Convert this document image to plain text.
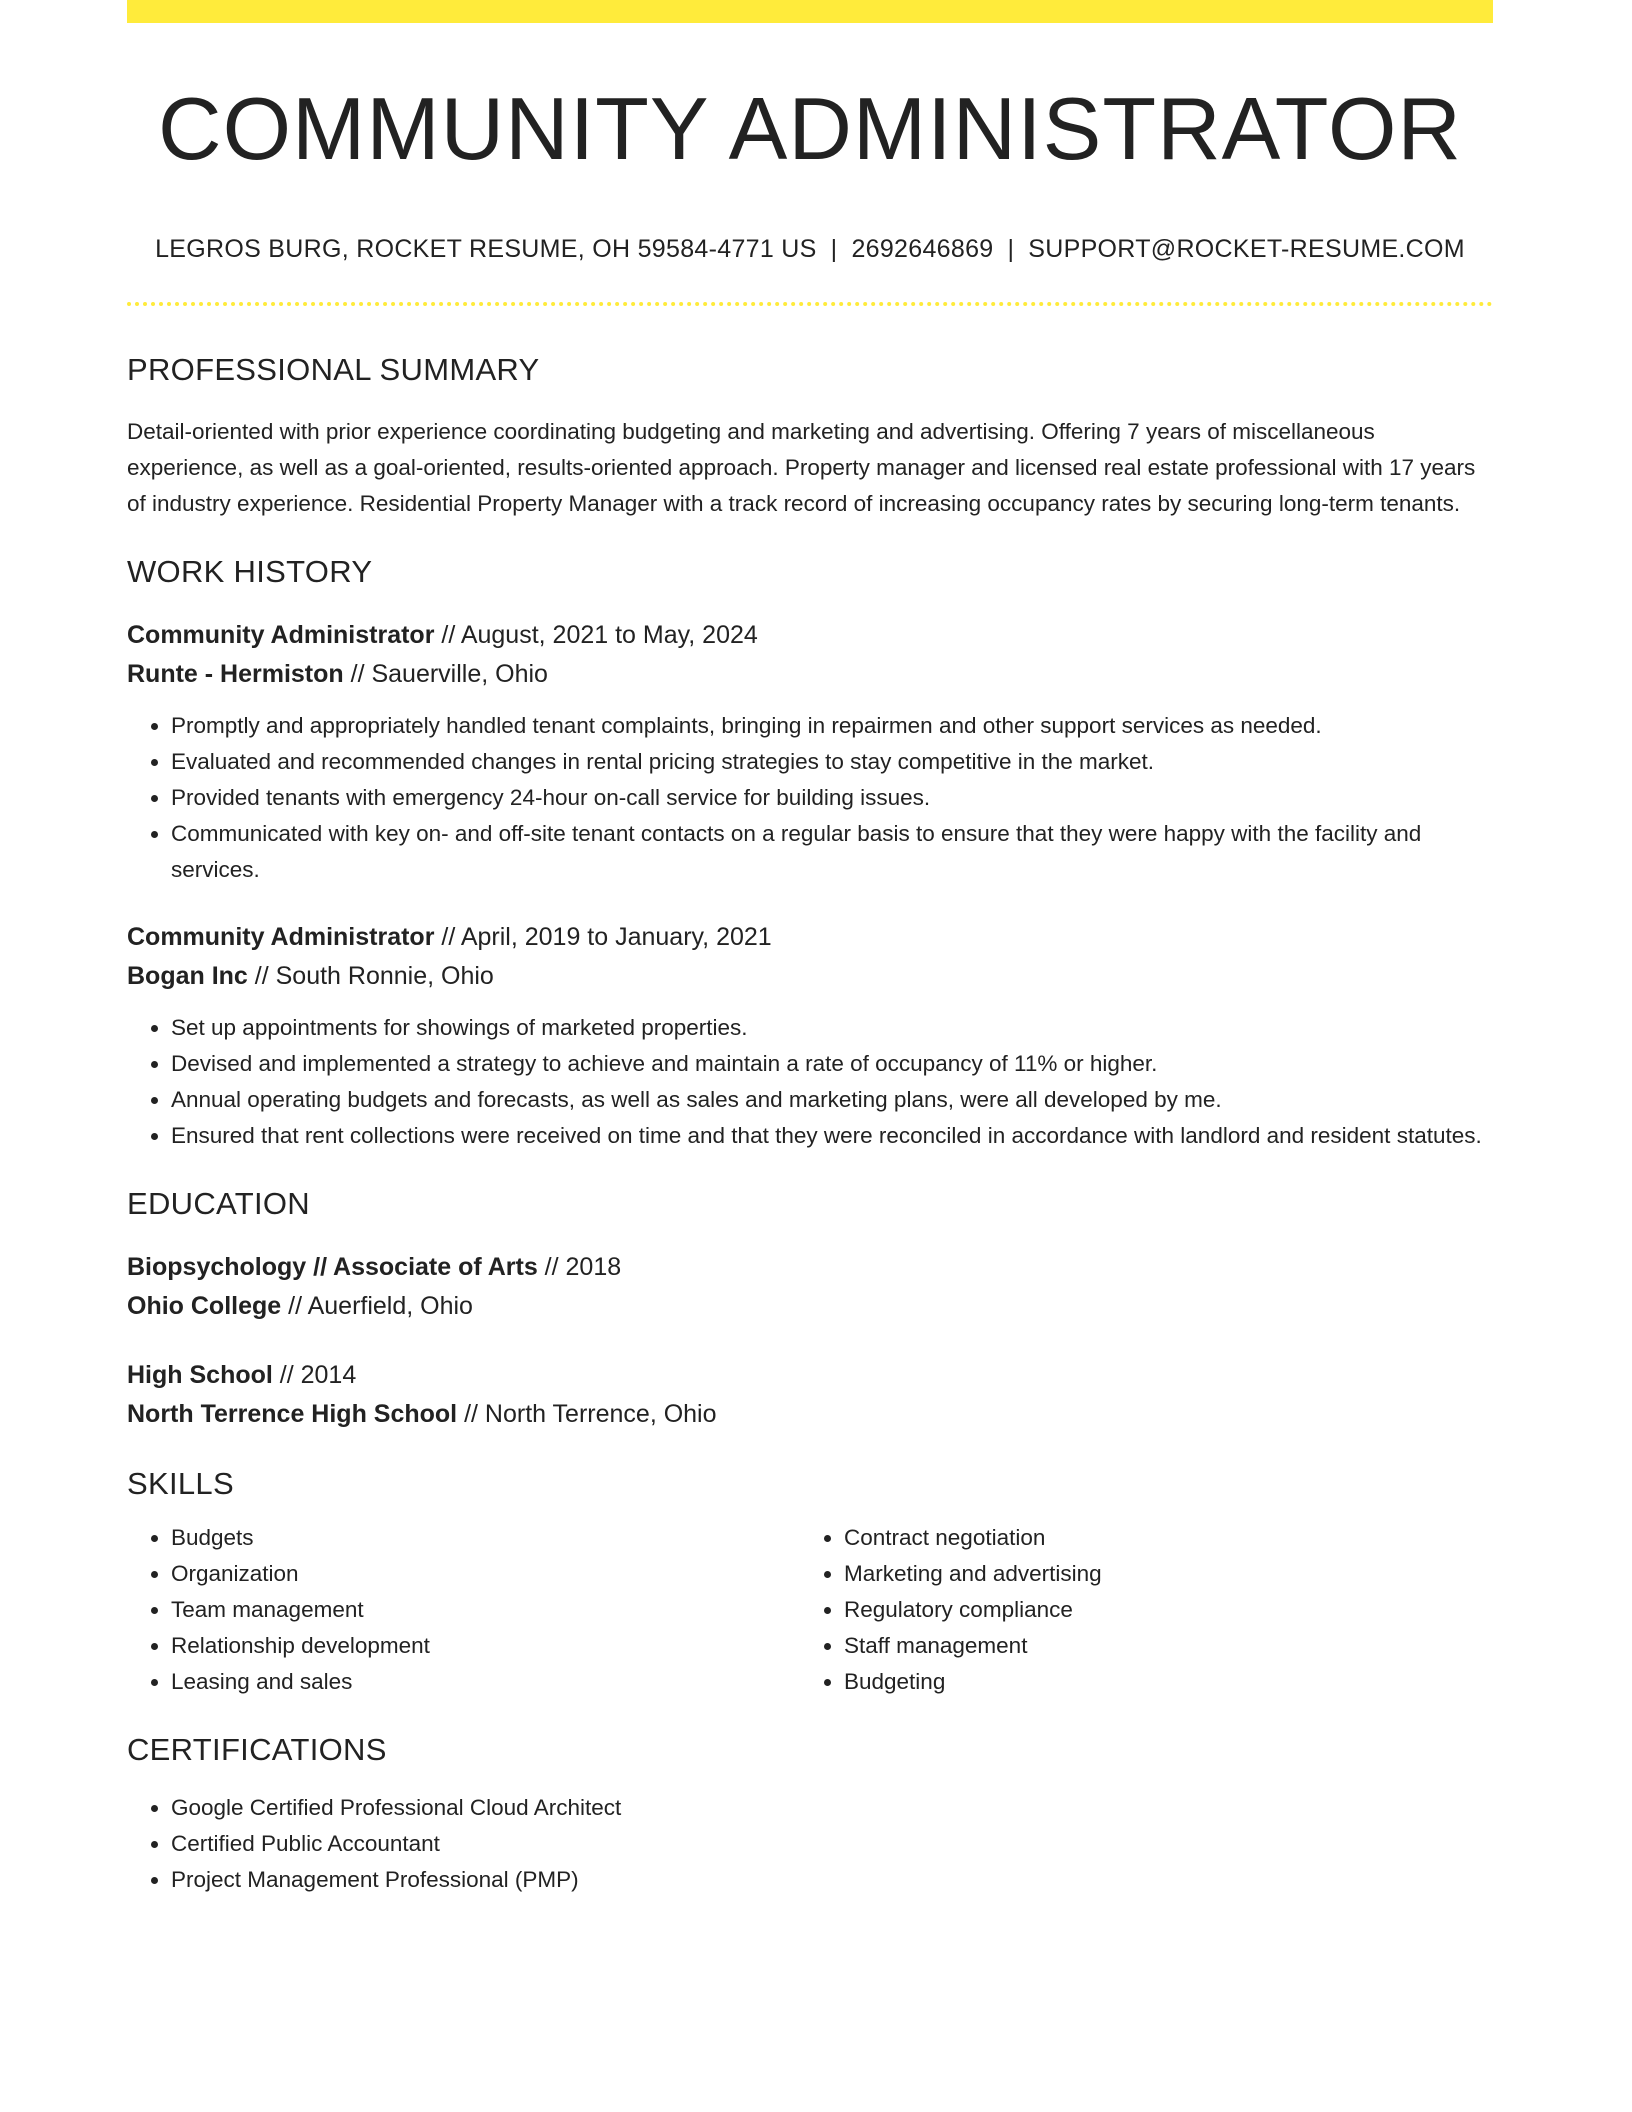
COMMUNITY ADMINISTRATOR
LEGROS BURG, ROCKET RESUME, OH 59584-4771 US | 2692646869 | SUPPORT@ROCKET-RESUME.COM
PROFESSIONAL SUMMARY
Detail-oriented with prior experience coordinating budgeting and marketing and advertising. Offering 7 years of miscellaneous experience, as well as a goal-oriented, results-oriented approach. Property manager and licensed real estate professional with 17 years of industry experience. Residential Property Manager with a track record of increasing occupancy rates by securing long-term tenants.
WORK HISTORY
Community Administrator // August, 2021 to May, 2024
Runte - Hermiston // Sauerville, Ohio
• Promptly and appropriately handled tenant complaints, bringing in repairmen and other support services as needed.
• Evaluated and recommended changes in rental pricing strategies to stay competitive in the market.
• Provided tenants with emergency 24-hour on-call service for building issues.
• Communicated with key on- and off-site tenant contacts on a regular basis to ensure that they were happy with the facility and services.
Community Administrator // April, 2019 to January, 2021
Bogan Inc // South Ronnie, Ohio
• Set up appointments for showings of marketed properties.
• Devised and implemented a strategy to achieve and maintain a rate of occupancy of 11% or higher.
• Annual operating budgets and forecasts, as well as sales and marketing plans, were all developed by me.
• Ensured that rent collections were received on time and that they were reconciled in accordance with landlord and resident statutes.
EDUCATION
Biopsychology // Associate of Arts // 2018
Ohio College // Auerfield, Ohio
High School // 2014
North Terrence High School // North Terrence, Ohio
SKILLS
• Budgets
• Organization
• Team management
• Relationship development
• Leasing and sales
• Contract negotiation
• Marketing and advertising
• Regulatory compliance
• Staff management
• Budgeting
CERTIFICATIONS
• Google Certified Professional Cloud Architect
• Certified Public Accountant
• Project Management Professional (PMP)
